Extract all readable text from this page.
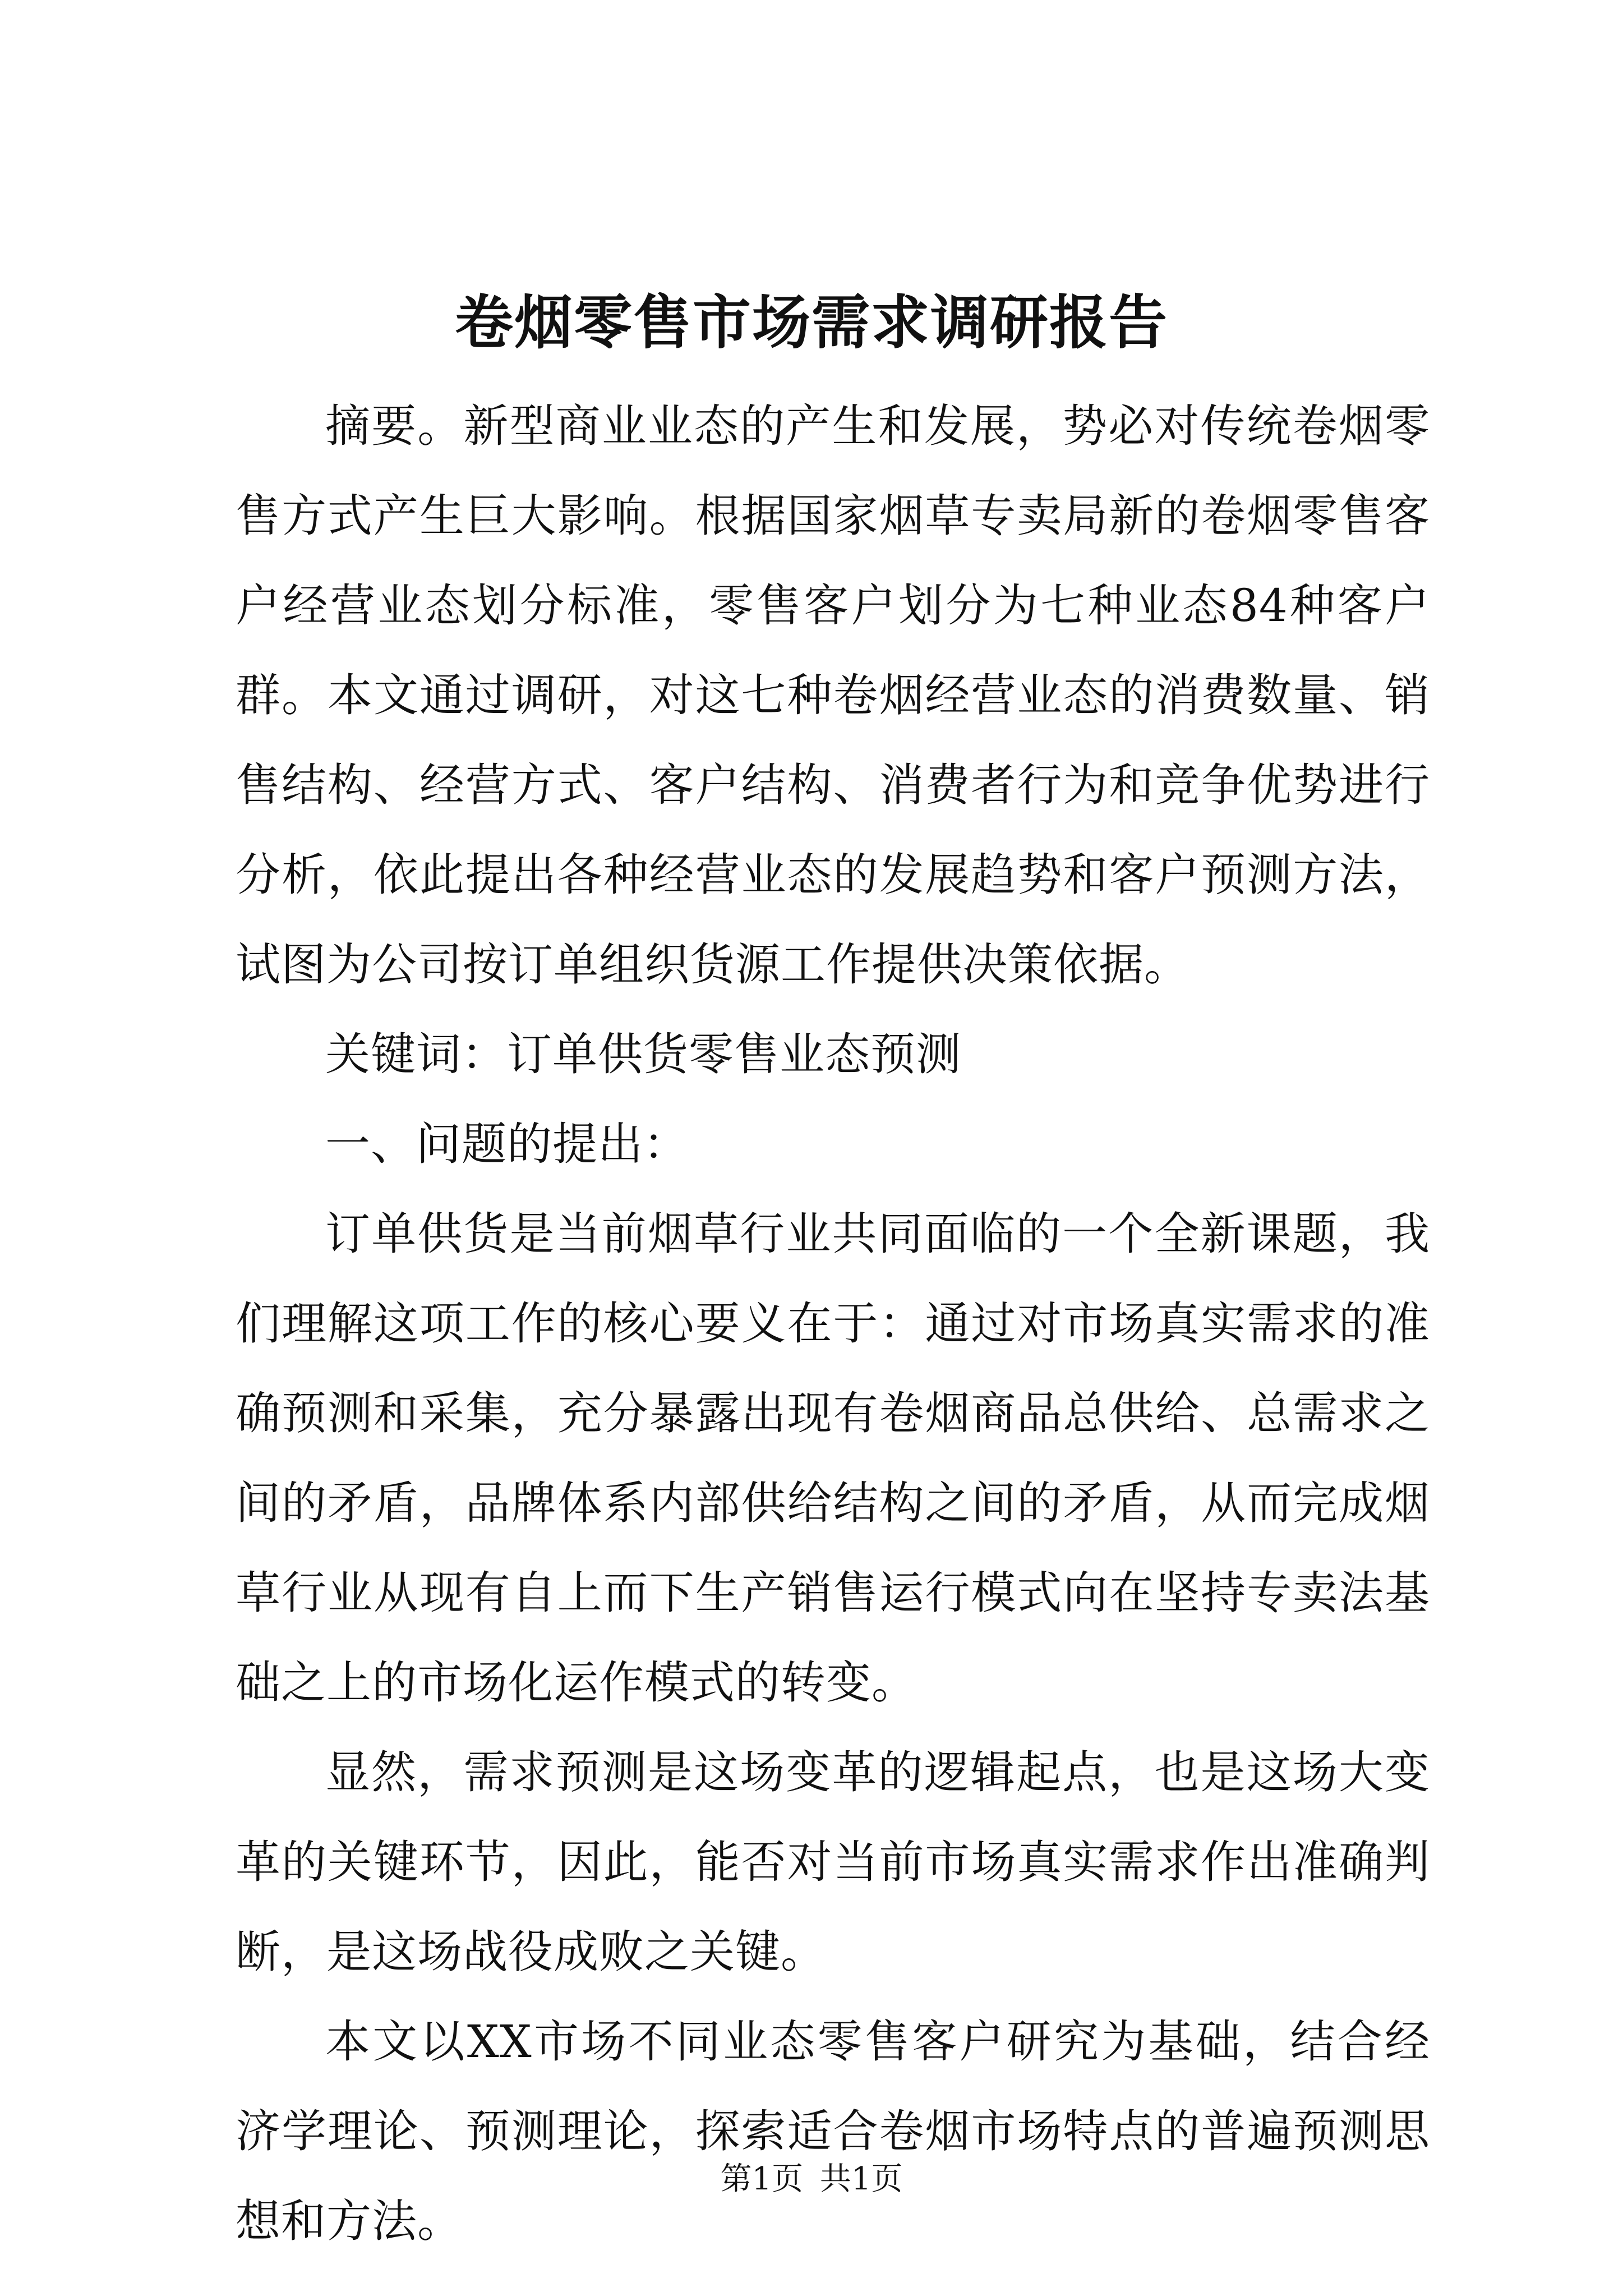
卷烟零售市场需求调研报告

摘要。新型商业业态的产生和发展，势必对传统卷烟零售方式产生巨大影响。根据国家烟草专卖局新的卷烟零售客户经营业态划分标准，零售客户划分为七种业态84种客户群。本文通过调研，对这七种卷烟经营业态的消费数量、销售结构、经营方式、客户结构、消费者行为和竞争优势进行分析，依此提出各种经营业态的发展趋势和客户预测方法，试图为公司按订单组织货源工作提供决策依据。

关键词：订单供货零售业态预测

一、问题的提出：

订单供货是当前烟草行业共同面临的一个全新课题，我们理解这项工作的核心要义在于：通过对市场真实需求的准确预测和采集，充分暴露出现有卷烟商品总供给、总需求之间的矛盾，品牌体系内部供给结构之间的矛盾，从而完成烟草行业从现有自上而下生产销售运行模式向在坚持专卖法基础之上的市场化运作模式的转变。

显然，需求预测是这场变革的逻辑起点，也是这场大变革的关键环节，因此，能否对当前市场真实需求作出准确判断，是这场战役成败之关键。

本文以XX市场不同业态零售客户研究为基础，结合经济学理论、预测理论，探索适合卷烟市场特点的普遍预测思想和方法。

第1页 共1页
